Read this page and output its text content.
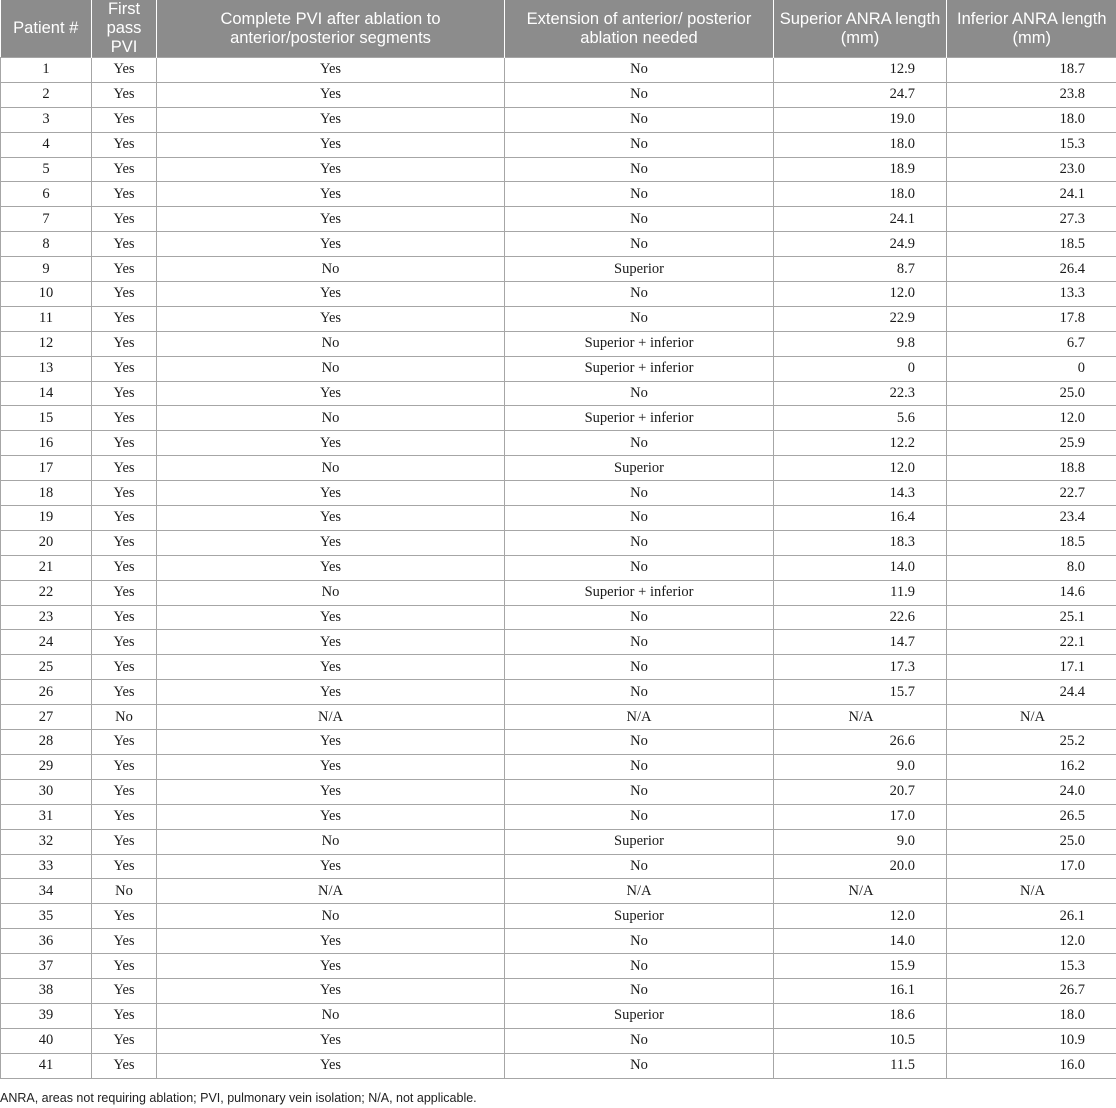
Patient #	First pass PVI	Complete PVI after ablation to anterior/posterior segments	Extension of anterior/ posterior ablation needed	Superior ANRA length (mm)	Inferior ANRA length (mm)
1	Yes	Yes	No	12.9	18.7
2	Yes	Yes	No	24.7	23.8
3	Yes	Yes	No	19.0	18.0
4	Yes	Yes	No	18.0	15.3
5	Yes	Yes	No	18.9	23.0
6	Yes	Yes	No	18.0	24.1
7	Yes	Yes	No	24.1	27.3
8	Yes	Yes	No	24.9	18.5
9	Yes	No	Superior	8.7	26.4
10	Yes	Yes	No	12.0	13.3
11	Yes	Yes	No	22.9	17.8
12	Yes	No	Superior + inferior	9.8	6.7
13	Yes	No	Superior + inferior	0	0
14	Yes	Yes	No	22.3	25.0
15	Yes	No	Superior + inferior	5.6	12.0
16	Yes	Yes	No	12.2	25.9
17	Yes	No	Superior	12.0	18.8
18	Yes	Yes	No	14.3	22.7
19	Yes	Yes	No	16.4	23.4
20	Yes	Yes	No	18.3	18.5
21	Yes	Yes	No	14.0	8.0
22	Yes	No	Superior + inferior	11.9	14.6
23	Yes	Yes	No	22.6	25.1
24	Yes	Yes	No	14.7	22.1
25	Yes	Yes	No	17.3	17.1
26	Yes	Yes	No	15.7	24.4
27	No	N/A	N/A	N/A	N/A
28	Yes	Yes	No	26.6	25.2
29	Yes	Yes	No	9.0	16.2
30	Yes	Yes	No	20.7	24.0
31	Yes	Yes	No	17.0	26.5
32	Yes	No	Superior	9.0	25.0
33	Yes	Yes	No	20.0	17.0
34	No	N/A	N/A	N/A	N/A
35	Yes	No	Superior	12.0	26.1
36	Yes	Yes	No	14.0	12.0
37	Yes	Yes	No	15.9	15.3
38	Yes	Yes	No	16.1	26.7
39	Yes	No	Superior	18.6	18.0
40	Yes	Yes	No	10.5	10.9
41	Yes	Yes	No	11.5	16.0

ANRA, areas not requiring ablation; PVI, pulmonary vein isolation; N/A, not applicable.
